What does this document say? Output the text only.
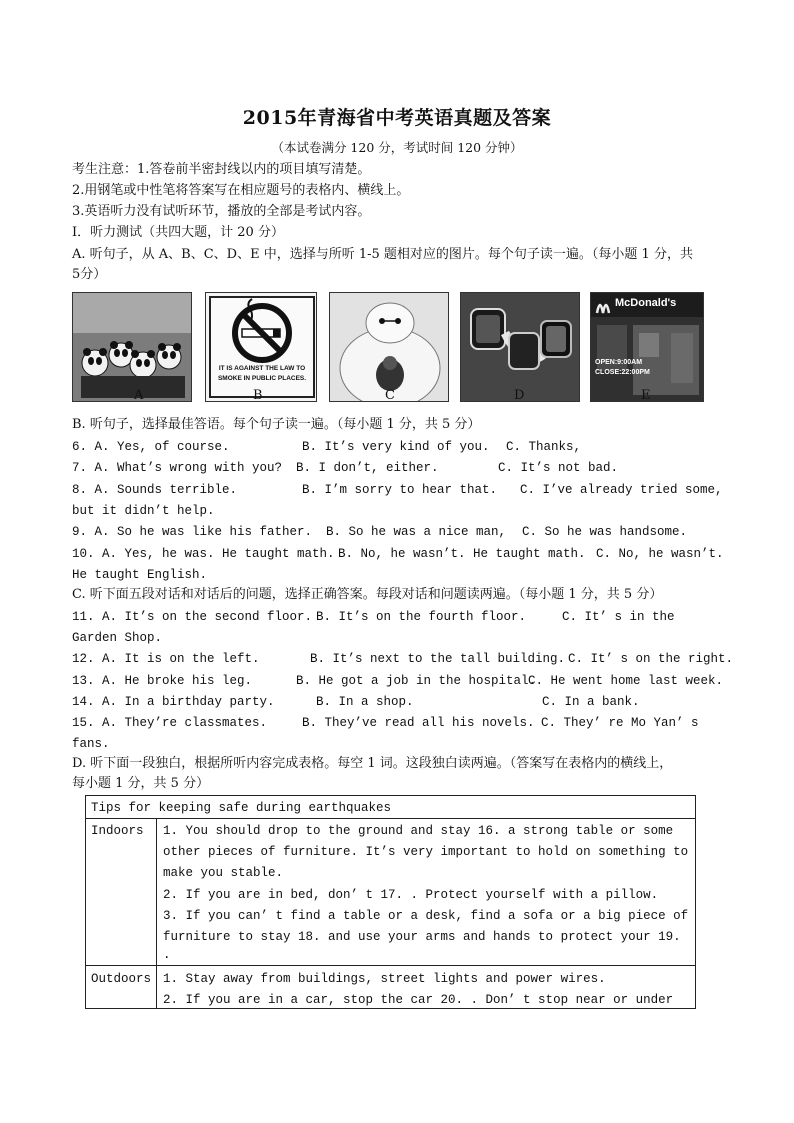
2015年青海省中考英语真题及答案
（本试卷满分 120 分，考试时间 120 分钟）
考生注意：1.答卷前半密封线以内的项目填写清楚。
2.用钢笔或中性笔将答案写在相应题号的表格内、横线上。
3.英语听力没有试听环节，播放的全部是考试内容。
Ⅰ．听力测试（共四大题，计 20 分）
A. 听句子，从 A、B、C、D、E 中，选择与所听 1-5 题相对应的图片。每个句子读一遍。（每小题 1 分，共
5分）
IT IS AGAINST THE LAW TO
SMOKE IN PUBLIC PLACES.
McDonald's
OPEN:9:00AM
CLOSE:22:00PM
A	B	C	D	E
B. 听句子，选择最佳答语。每个句子读一遍。（每小题 1 分，共 5 分）
6. A. Yes, of course.	B. It’s very kind of you. C. Thanks,
7. A. What’s wrong with you? B. I don’t, either.	C. It’s not bad.
8. A. Sounds terrible.	B. I’m sorry to hear that. C. I’ve already tried some,
but it didn’t help.
9. A. So he was like his father. B. So he was a nice man, C. So he was handsome.
10. A. Yes, he was. He taught math. B. No, he wasn’t. He taught math. C. No, he wasn’t.
He taught English.
C. 听下面五段对话和对话后的问题，选择正确答案。每段对话和问题读两遍。（每小题 1 分，共 5 分）
11. A. It’s on the second floor. B. It’s on the fourth floor.	C. It’ s in the
Garden Shop.
12. A. It is on the left.	B. It’s next to the tall building. C. It’ s on the right.
13. A. He broke his leg.	B. He got a job in the hospital.
C. He went home last week.
14. A. In a birthday party.	B. In a shop.	C. In a bank.
15. A. They’re classmates.	B. They’ve read all his novels. C. They’ re Mo Yan’ s
fans.
D. 听下面一段独白，根据所听内容完成表格。每空 1 词。这段独白读两遍。（答案写在表格内的横线上，
每小题 1 分，共 5 分）
Tips for keeping safe during earthquakes
Indoors 1. You should drop to the ground and stay 16. a strong table or some
other pieces of furniture. It’s very important to hold on something to
make you stable.
2. If you are in bed, don’ t 17. . Protect yourself with a pillow.
3. If you can’ t find a table or a desk, find a sofa or a big piece of
furniture to stay 18. and use your arms and hands to protect your 19.
.
Outdoors 1. Stay away from buildings, street lights and power wires.
2. If you are in a car, stop the car 20. . Don’ t stop near or under
